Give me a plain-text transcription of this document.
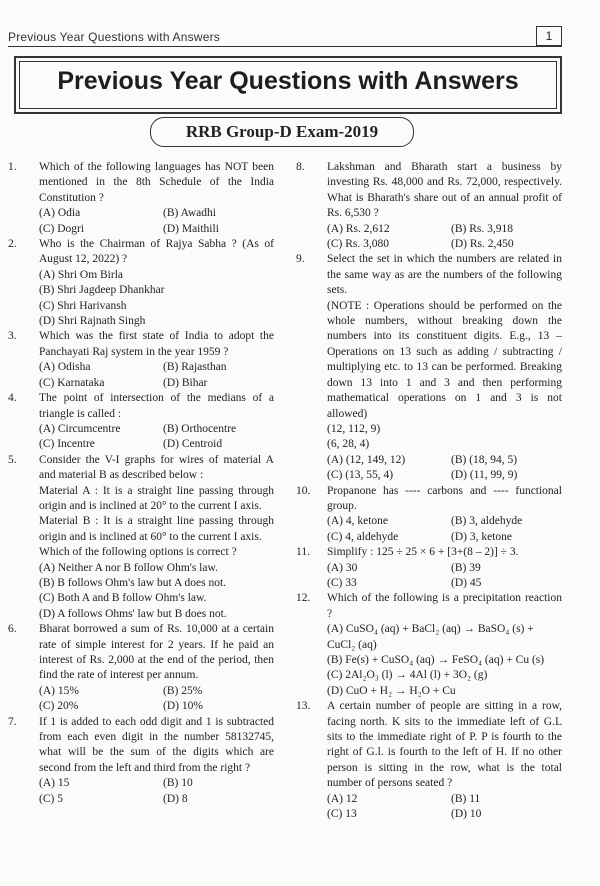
Previous Year Questions with Answers	1
Previous Year Questions with Answers
RRB Group-D Exam-2019
1. Which of the following languages has NOT been mentioned in the 8th Schedule of the India Constitution ?

(A) Odia	(B) Awadhi
(C) Dogri	(D) Maithili
2. Who is the Chairman of Rajya Sabha ? (As of August 12, 2022) ?

(A) Shri Om Birla
(B) Shri Jagdeep Dhankhar
(C) Shri Harivansh
(D) Shri Rajnath Singh
3. Which was the first state of India to adopt the Panchayati Raj system in the year 1959 ?

(A) Odisha	(B) Rajasthan
(C) Karnataka	(D) Bihar
4. The point of intersection of the medians of a triangle is called :

(A) Circumcentre	(B) Orthocentre
(C) Incentre	(D) Centroid
5. Consider the V-I graphs for wires of material A and material B as described below :

Material A : It is a straight line passing through origin and is inclined at 20° to the current I axis.

Material B : It is a straight line passing through origin and is inclined at 60° to the current I axis.

Which of the following options is correct ?

(A) Neither A nor B follow Ohm's law.
(B) B follows Ohm's law but A does not.
(C) Both A and B follow Ohm's law.
(D) A follows Ohms' law but B does not.
6. Bharat borrowed a sum of Rs. 10,000 at a certain rate of simple interest for 2 years. If he paid an interest of Rs. 2,000 at the end of the period, then find the rate of interest per annum.

(A) 15%	(B) 25%
(C) 20%	(D) 10%
7. If 1 is added to each odd digit and 1 is subtracted from each even digit in the number 58132745, what will be the sum of the digits which are second from the left and third from the right ?

(A) 15	(B) 10
(C) 5	(D) 8
8. Lakshman and Bharath start a business by investing Rs. 48,000 and Rs. 72,000, respectively. What is Bharath's share out of an annual profit of Rs. 6,530 ?

(A) Rs. 2,612	(B) Rs. 3,918
(C) Rs. 3,080	(D) Rs. 2,450
9. Select the set in which the numbers are related in the same way as are the numbers of the following sets.

(NOTE : Operations should be performed on the whole numbers, without breaking down the numbers into its constituent digits. E.g., 13 – Operations on 13 such as adding / subtracting / multiplying etc. to 13 can be performed. Breaking down 13 into 1 and 3 and then performing mathematical operations on 1 and 3 is not allowed)

(12, 112, 9)

(6, 28, 4)

(A) (12, 149, 12)	(B) (18, 94, 5)
(C) (13, 55, 4)	(D) (11, 99, 9)
10. Propanone has ---- carbons and ---- functional group.

(A) 4, ketone	(B) 3, aldehyde
(C) 4, aldehyde	(D) 3, ketone
11. Simplify : 125 ÷ 25 × 6 + [3+(8 – 2)] ÷ 3.

(A) 30	(B) 39
(C) 33	(D) 45
12. Which of the following is a precipitation reaction ?

(A) CuSO₄ (aq) + BaCl₂ (aq) → BaSO₄ (s) + CuCl₂ (aq)
(B) Fe(s) + CuSO₄ (aq) → FeSO₄ (aq) + Cu (s)
(C) 2Al₂O₃ (l) → 4Al (l) + 3O₂ (g)
(D) CuO + H₂ → H₂O + Cu
13. A certain number of people are sitting in a row, facing north. K sits to the immediate left of G.L sits to the immediate right of P. P is fourth to the right of G.l. is fourth to the left of H. If no other person is sitting in the row, what is the total number of persons seated ?

(A) 12	(B) 11
(C) 13	(D) 10
